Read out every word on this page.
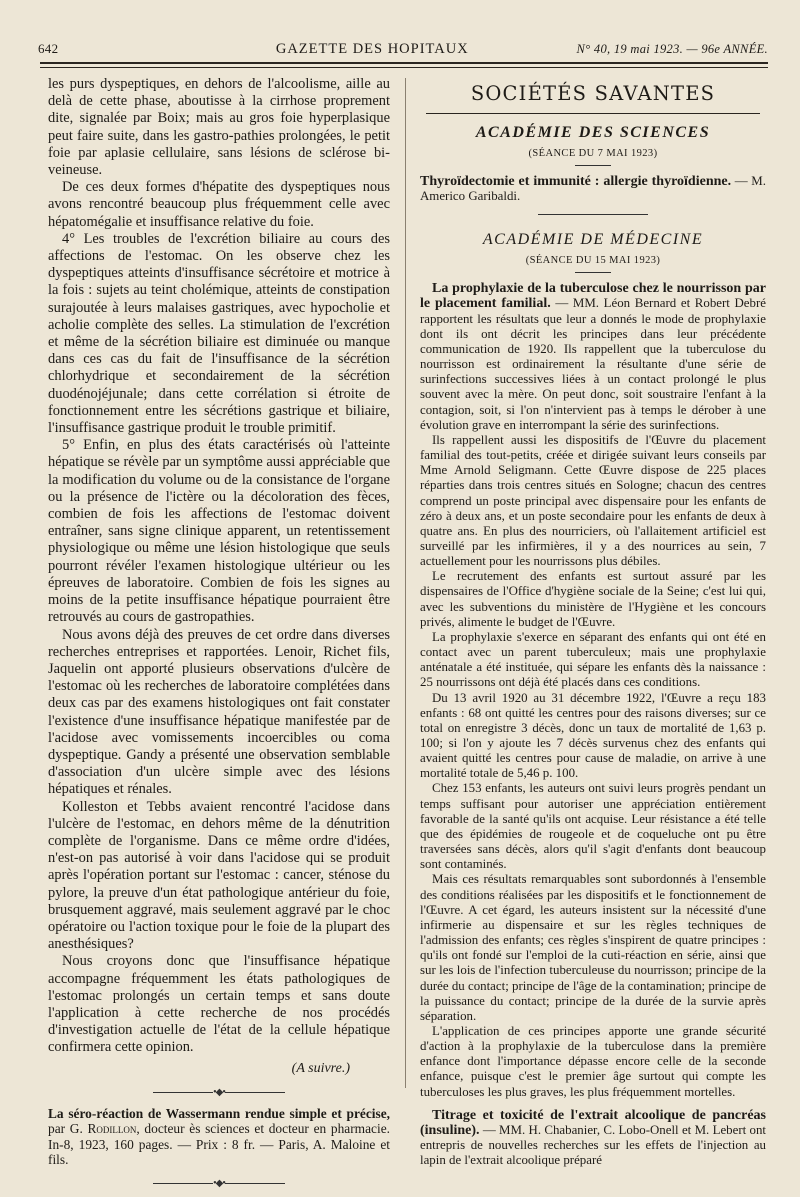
642	GAZETTE DES HOPITAUX	N° 40, 19 mai 1923. — 96e ANNÉE.

les purs dyspeptiques, en dehors de l'alcoolisme, aille au delà de cette phase, aboutisse à la cirrhose proprement dite, signalée par Boix; mais au gros foie hyperplasique peut faire suite, dans les gastro-pathies prolongées, le petit foie par aplasie cellulaire, sans lésions de sclérose bi-veineuse.

De ces deux formes d'hépatite des dyspeptiques nous avons rencontré beaucoup plus fréquemment celle avec hépatomégalie et insuffisance relative du foie.

4° Les troubles de l'excrétion biliaire au cours des affections de l'estomac. On les observe chez les dyspeptiques atteints d'insuffisance sécrétoire et motrice à la fois : sujets au teint cholémique, atteints de constipation surajoutée à leurs malaises gastriques, avec hypocholie et acholie complète des selles. La stimulation de l'excrétion et même de la sécrétion biliaire est diminuée ou manque dans ces cas du fait de l'insuffisance de la sécrétion chlorhydrique et secondairement de la sécrétion duodénojéjunale; dans cette corrélation si étroite de fonctionnement entre les sécrétions gastrique et biliaire, l'insuffisance gastrique produit le trouble primitif.

5° Enfin, en plus des états caractérisés où l'atteinte hépatique se révèle par un symptôme aussi appréciable que la modification du volume ou de la consistance de l'organe ou la présence de l'ictère ou la décoloration des fèces, combien de fois les affections de l'estomac doivent entraîner, sans signe clinique apparent, un retentissement physiologique ou même une lésion histologique que seuls pourront révéler l'examen histologique ultérieur ou les épreuves de laboratoire. Combien de fois les signes au moins de la petite insuffisance hépatique pourraient être retrouvés au cours de gastropathies.

Nous avons déjà des preuves de cet ordre dans diverses recherches entreprises et rapportées. Lenoir, Richet fils, Jaquelin ont apporté plusieurs observations d'ulcère de l'estomac où les recherches de laboratoire complétées dans deux cas par des examens histologiques ont fait constater l'existence d'une insuffisance hépatique manifestée par de l'acidose avec vomissements incoercibles ou coma dyspeptique. Gandy a présenté une observation semblable d'association d'un ulcère simple avec des lésions hépatiques et rénales.

Kolleston et Tebbs avaient rencontré l'acidose dans l'ulcère de l'estomac, en dehors même de la dénutrition complète de l'organisme. Dans ce même ordre d'idées, n'est-on pas autorisé à voir dans l'acidose qui se produit après l'opération portant sur l'estomac : cancer, sténose du pylore, la preuve d'un état pathologique antérieur du foie, brusquement aggravé, mais seulement aggravé par le choc opératoire ou l'action toxique pour le foie de la plupart des anesthésiques?

Nous croyons donc que l'insuffisance hépatique accompagne fréquemment les états pathologiques de l'estomac prolongés un certain temps et sans doute l'application à cette recherche de nos procédés d'investigation actuelle de l'état de la cellule hépatique confirmera cette opinion.

(A suivre.)
•◆•

La séro-réaction de Wassermann rendue simple et précise, par G. Rodillon, docteur ès sciences et docteur en pharmacie. In-8, 1923, 160 pages. — Prix : 8 fr. — Paris, A. Maloine et fils.

•◆•
SOCIÉTÉS SAVANTES
ACADÉMIE DES SCIENCES
(SÉANCE DU 7 MAI 1923)

Thyroïdectomie et immunité : allergie thyroïdienne. — M. Americo Garibaldi.

ACADÉMIE DE MÉDECINE
(SÉANCE DU 15 MAI 1923)

La prophylaxie de la tuberculose chez le nourrisson par le placement familial. — MM. Léon Bernard et Robert Debré rapportent les résultats que leur a donnés le mode de prophylaxie dont ils ont décrit les principes dans leur précédente communication de 1920. Ils rappellent que la tuberculose du nourrisson est ordinairement la résultante d'une série de surinfections successives liées à un contact prolongé le plus souvent avec la mère. On peut donc, soit soustraire l'enfant à la contagion, soit, si l'on n'intervient pas à temps le dérober à une évolution grave en interrompant la série des surinfections.

Ils rappellent aussi les dispositifs de l'Œuvre du placement familial des tout-petits, créée et dirigée suivant leurs conseils par Mme Arnold Seligmann. Cette Œuvre dispose de 225 places réparties dans trois centres situés en Sologne; chacun des centres comprend un poste principal avec dispensaire pour les enfants de zéro à deux ans, et un poste secondaire pour les enfants de deux à quatre ans. En plus des nourriciers, où l'allaitement artificiel est surveillé par les infirmières, il y a des nourrices au sein, 7 actuellement pour les nourrissons plus débiles.

Le recrutement des enfants est surtout assuré par les dispensaires de l'Office d'hygiène sociale de la Seine; c'est lui qui, avec les subventions du ministère de l'Hygiène et les concours privés, alimente le budget de l'Œuvre.

La prophylaxie s'exerce en séparant des enfants qui ont été en contact avec un parent tuberculeux; mais une prophylaxie anténatale a été instituée, qui sépare les enfants dès la naissance : 25 nourrissons ont déjà été placés dans ces conditions.

Du 13 avril 1920 au 31 décembre 1922, l'Œuvre a reçu 183 enfants : 68 ont quitté les centres pour des raisons diverses; sur ce total on enregistre 3 décès, donc un taux de mortalité de 1,63 p. 100; si l'on y ajoute les 7 décès survenus chez des enfants qui avaient quitté les centres pour cause de maladie, on arrive à une mortalité totale de 5,46 p. 100.

Chez 153 enfants, les auteurs ont suivi leurs progrès pendant un temps suffisant pour autoriser une appréciation entièrement favorable de la santé qu'ils ont acquise. Leur résistance a été telle que des épidémies de rougeole et de coqueluche ont pu être traversées sans décès, alors qu'il s'agit d'enfants dont beaucoup sont contaminés.

Mais ces résultats remarquables sont subordonnés à l'ensemble des conditions réalisées par les dispositifs et le fonctionnement de l'Œuvre. A cet égard, les auteurs insistent sur la nécessité d'une infirmerie au dispensaire et sur les règles techniques de l'admission des enfants; ces règles s'inspirent de quatre principes : qu'ils ont fondé sur l'emploi de la cuti-réaction en série, ainsi que sur les lois de l'infection tuberculeuse du nourrisson; principe de la durée du contact; principe de l'âge de la contamination; principe de la puissance du contact; principe de la durée de la survie après séparation.

L'application de ces principes apporte une grande sécurité d'action à la prophylaxie de la tuberculose dans la première enfance dont l'importance dépasse encore celle de la seconde enfance, puisque c'est le premier âge surtout qui compte les tuberculoses les plus graves, les plus fréquemment mortelles.

Titrage et toxicité de l'extrait alcoolique de pancréas (insuline). — MM. H. Chabanier, C. Lobo-Onell et M. Lebert ont entrepris de nouvelles recherches sur les effets de l'injection au lapin de l'extrait alcoolique préparé
